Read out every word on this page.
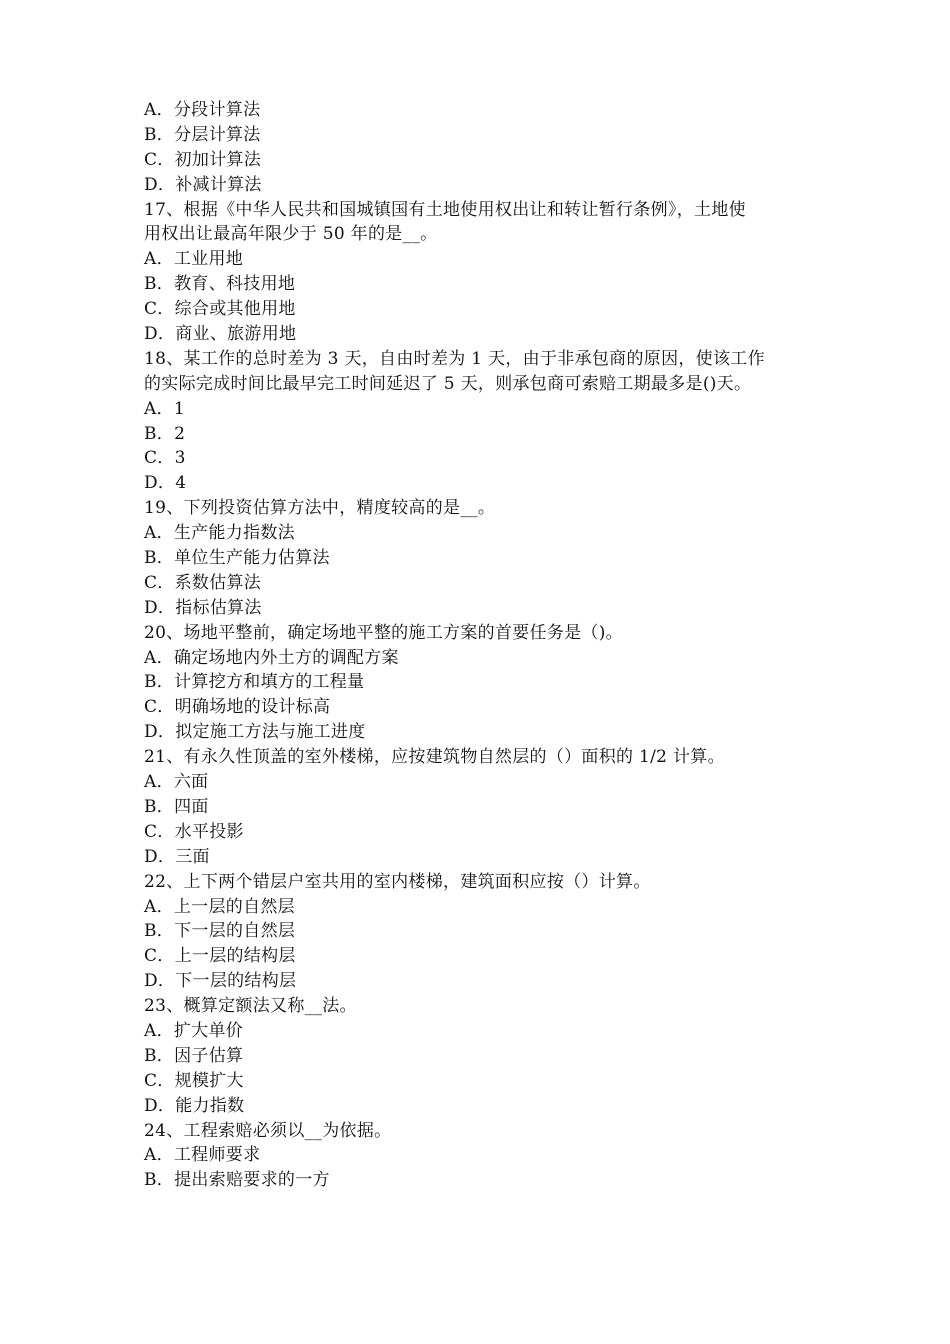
A．分段计算法
B．分层计算法
C．初加计算法
D．补减计算法
17、根据《中华人民共和国城镇国有土地使用权出让和转让暂行条例》，土地使
用权出让最高年限少于 50 年的是__。
A．工业用地
B．教育、科技用地
C．综合或其他用地
D．商业、旅游用地
18、某工作的总时差为 3 天，自由时差为 1 天，由于非承包商的原因，使该工作
的实际完成时间比最早完工时间延迟了 5 天，则承包商可索赔工期最多是()天。
A．1
B．2
C．3
D．4
19、下列投资估算方法中，精度较高的是__。
A．生产能力指数法
B．单位生产能力估算法
C．系数估算法
D．指标估算法
20、场地平整前，确定场地平整的施工方案的首要任务是（)。
A．确定场地内外土方的调配方案
B．计算挖方和填方的工程量
C．明确场地的设计标高
D．拟定施工方法与施工进度
21、有永久性顶盖的室外楼梯，应按建筑物自然层的（）面积的 1/2 计算。
A．六面
B．四面
C．水平投影
D．三面
22、上下两个错层户室共用的室内楼梯，建筑面积应按（）计算。
A．上一层的自然层
B．下一层的自然层
C．上一层的结构层
D．下一层的结构层
23、概算定额法又称__法。
A．扩大单价
B．因子估算
C．规模扩大
D．能力指数
24、工程索赔必须以__为依据。
A．工程师要求
B．提出索赔要求的一方
